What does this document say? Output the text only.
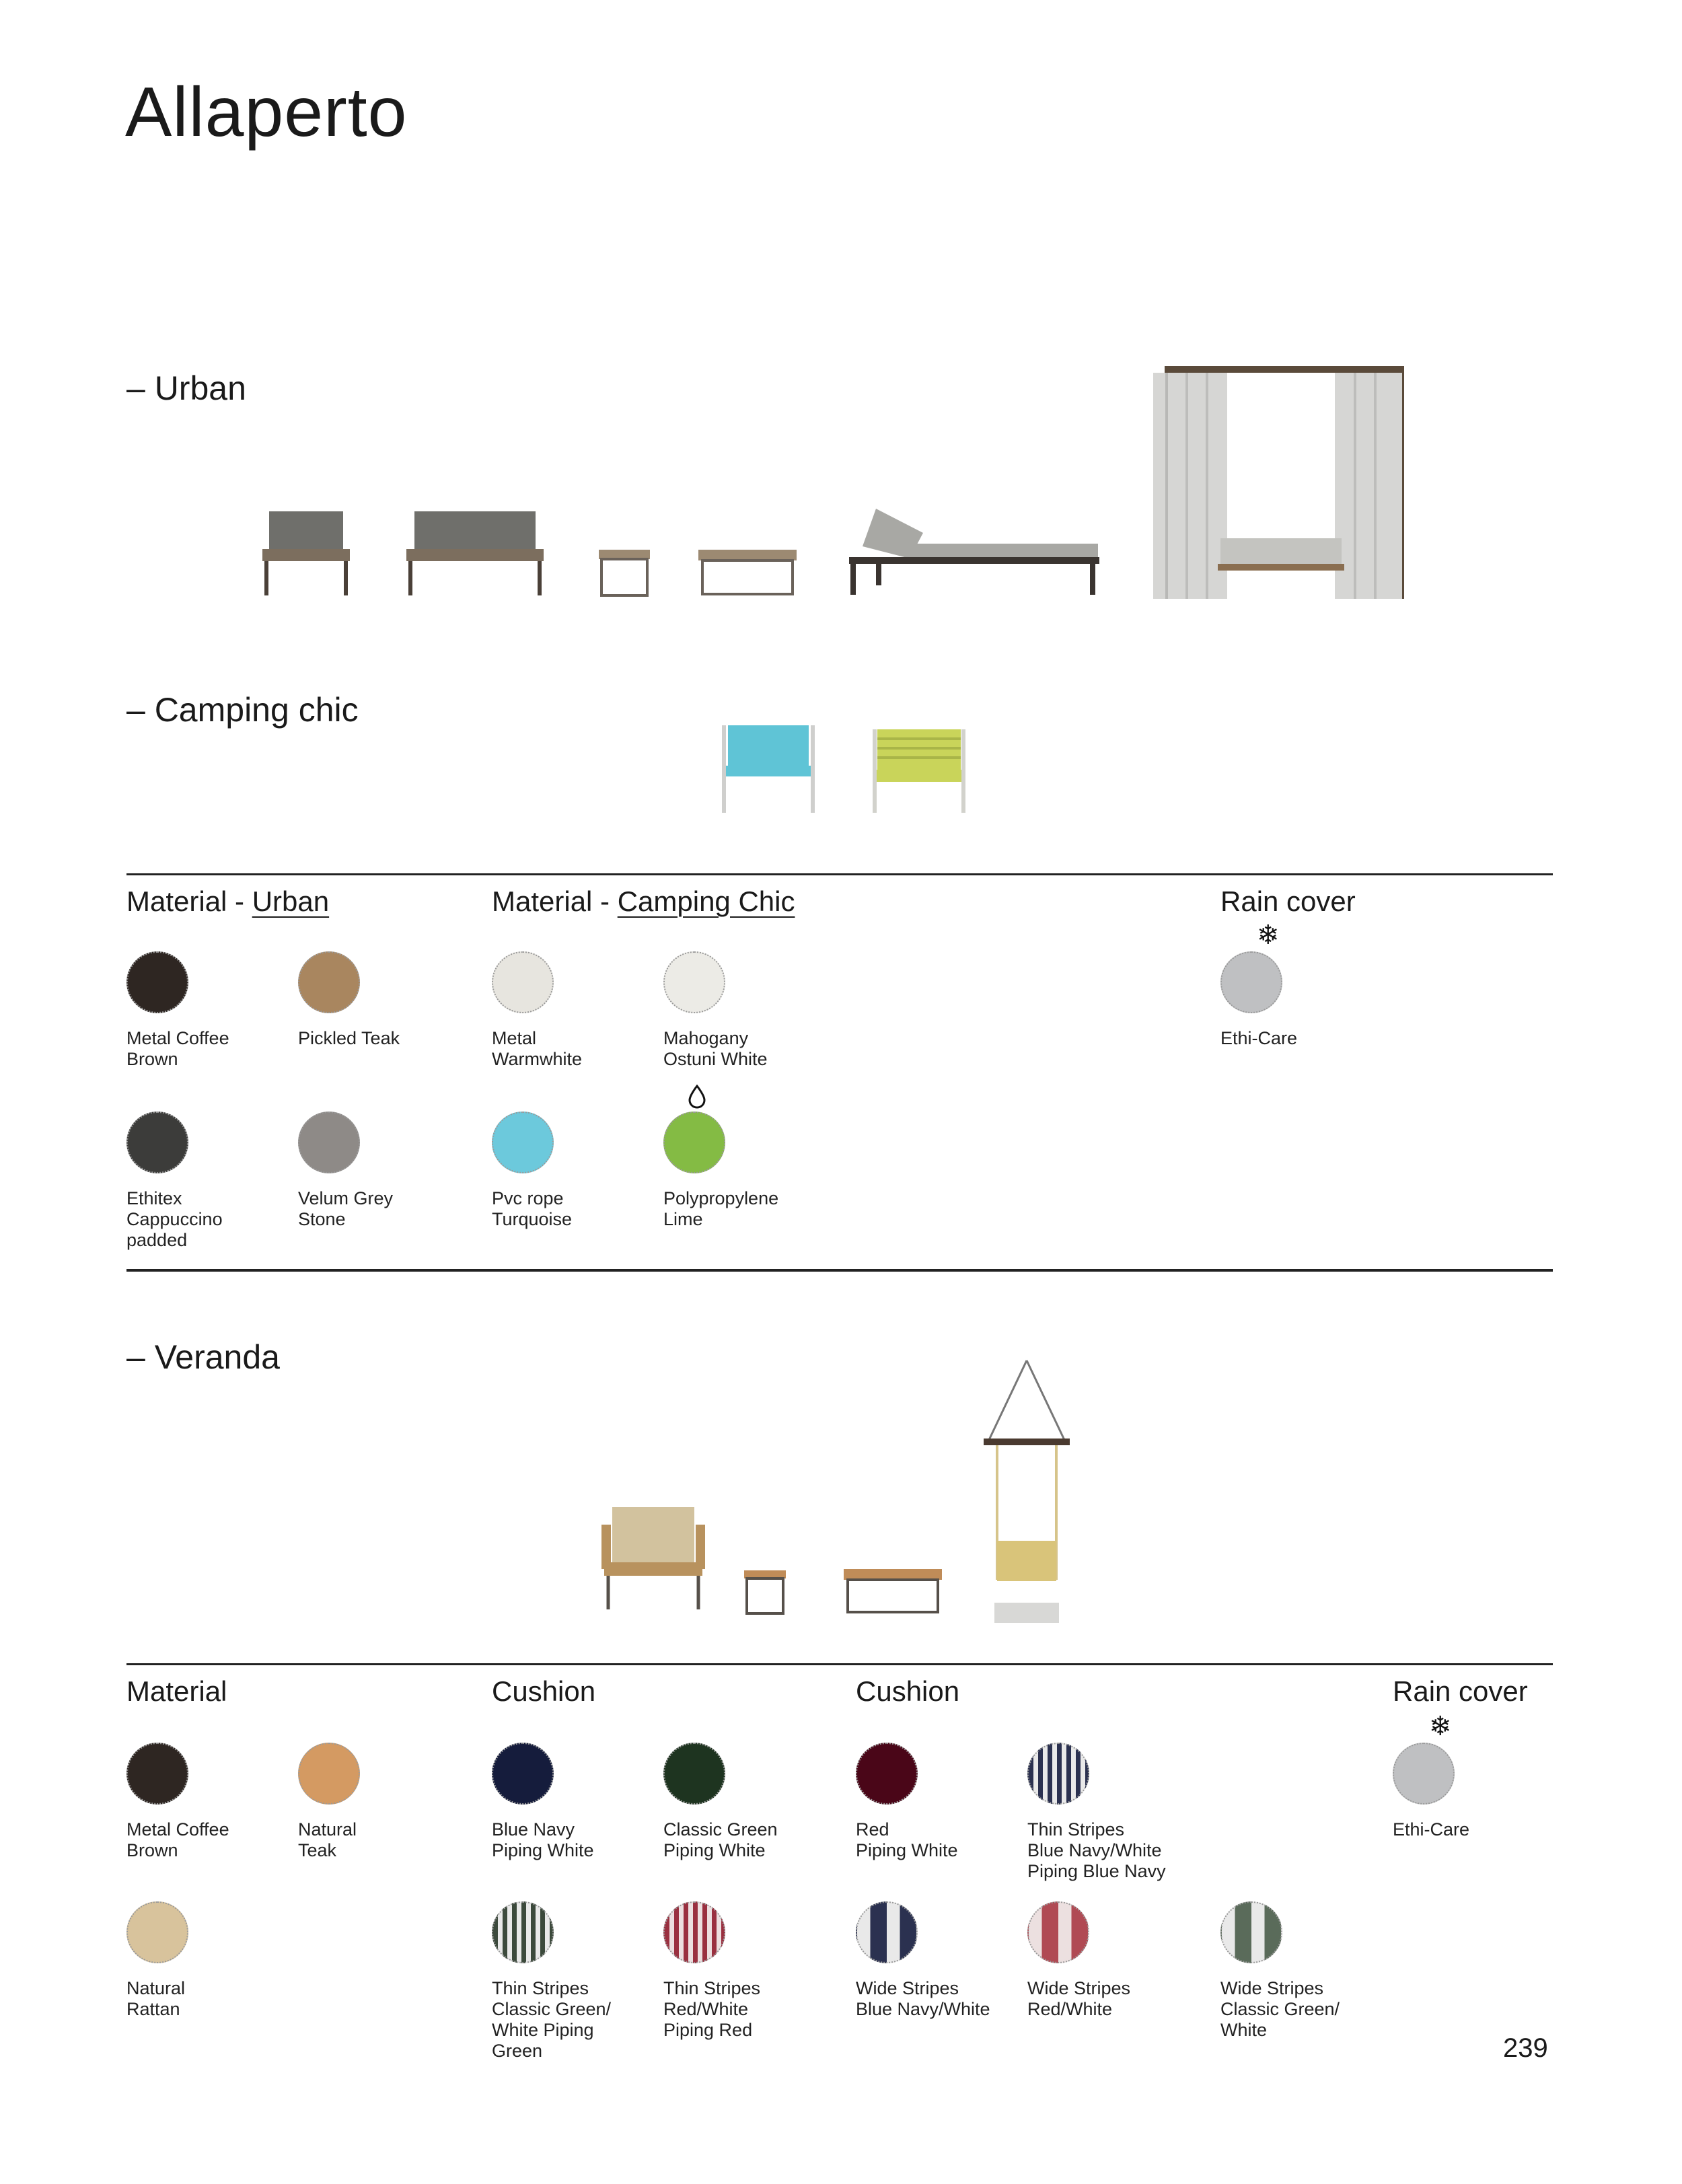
Allaperto
– Urban
– Camping chic
Material - Urban	Material - Camping Chic	Rain cover
Metal Coffee
Brown
Pickled Teak	Metal
Warmwhite
Mahogany
Ostuni White
❄
Ethi-Care
Ethitex
Cappuccino
padded
Velum Grey
Stone
Pvc rope
Turquoise
Polypropylene
Lime
– Veranda
Material	Cushion	Cushion	Rain cover
Metal Coffee
Brown
Natural
Teak
Blue Navy
Piping White
Classic Green
Piping White
Red
Piping White
Thin Stripes
Blue Navy/White
Piping Blue Navy
❄
Ethi-Care
Natural
Rattan
Thin Stripes
Classic Green/
White Piping
Green
Thin Stripes
Red/White
Piping Red
Wide Stripes
Blue Navy/White
Wide Stripes
Red/White
Wide Stripes
Classic Green/
White
239
